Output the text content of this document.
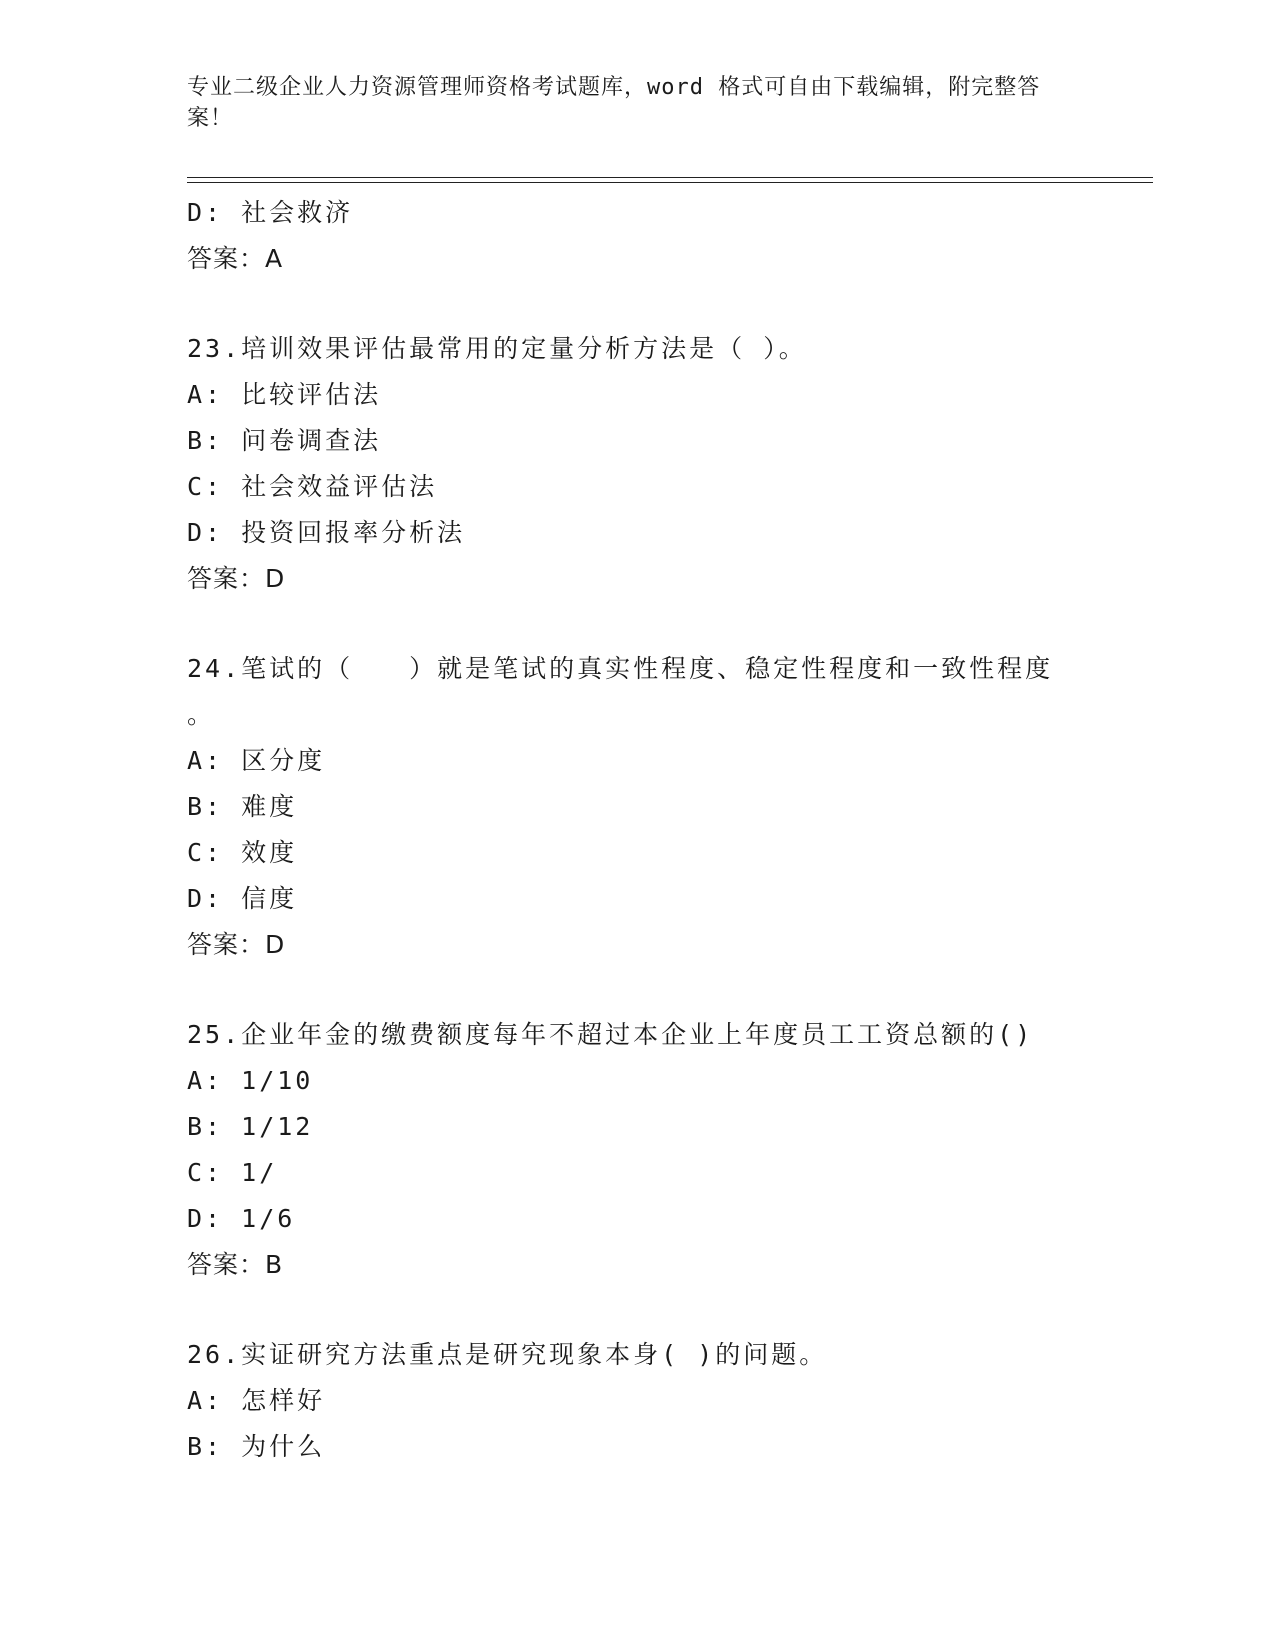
专业二级企业人力资源管理师资格考试题库，word 格式可自由下载编辑，附完整答案！
D: 社会救济
答案：A
23.培训效果评估最常用的定量分析方法是（ ）。
A: 比较评估法
B: 问卷调查法
C: 社会效益评估法
D: 投资回报率分析法
答案：D
24.笔试的（　　）就是笔试的真实性程度、稳定性程度和一致性程度
。
A: 区分度
B: 难度
C: 效度
D: 信度
答案：D
25.企业年金的缴费额度每年不超过本企业上年度员工工资总额的()
A: 1/10
B: 1/12
C: 1/
D: 1/6
答案：B
26.实证研究方法重点是研究现象本身( )的问题。
A: 怎样好
B: 为什么
